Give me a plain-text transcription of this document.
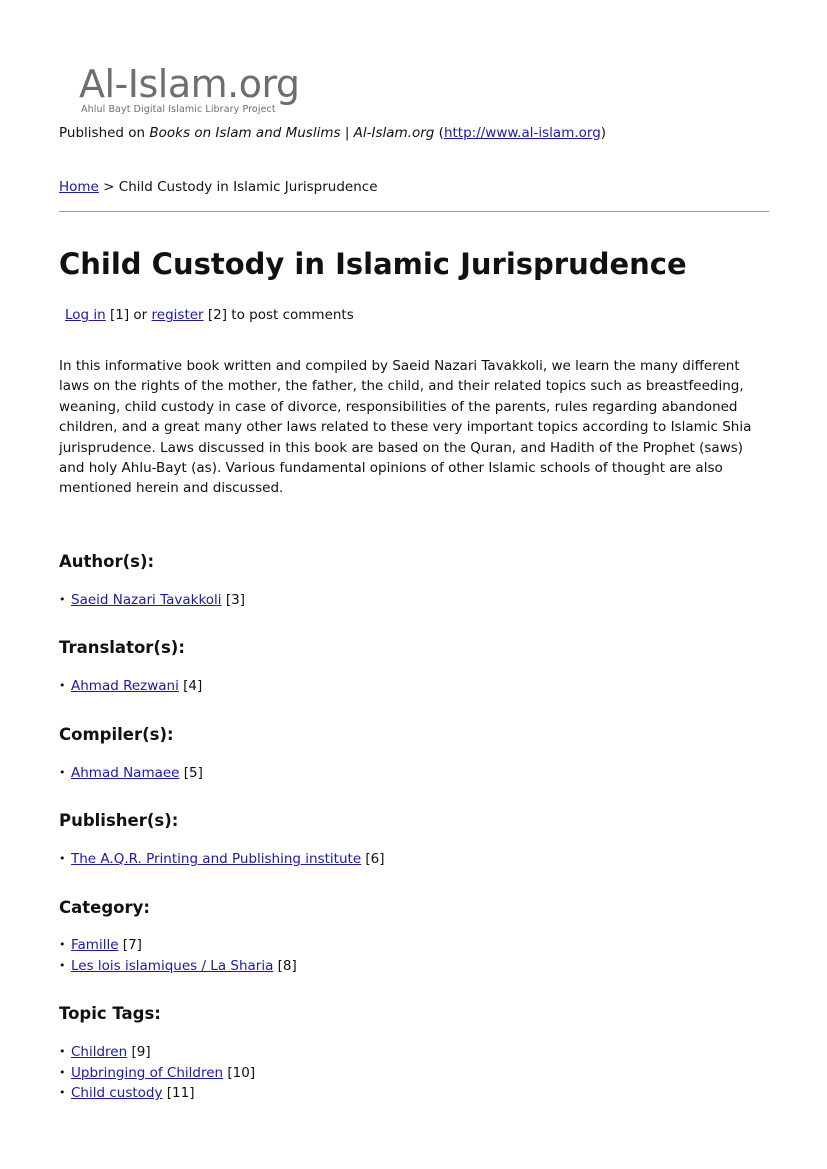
Al-Islam.org
Ahlul Bayt Digital Islamic Library Project
Published on Books on Islam and Muslims | Al-Islam.org (http://www.al-islam.org)
Home > Child Custody in Islamic Jurisprudence
Child Custody in Islamic Jurisprudence
Log in [1] or register [2] to post comments

In this informative book written and compiled by Saeid Nazari Tavakkoli, we learn the many different laws on the rights of the mother, the father, the child, and their related topics such as breastfeeding, weaning, child custody in case of divorce, responsibilities of the parents, rules regarding abandoned children, and a great many other laws related to these very important topics according to Islamic Shia jurisprudence. Laws discussed in this book are based on the Quran, and Hadith of the Prophet (saws) and holy Ahlu-Bayt (as). Various fundamental opinions of other Islamic schools of thought are also mentioned herein and discussed.

Author(s):
• Saeid Nazari Tavakkoli [3]
Translator(s):
• Ahmad Rezwani [4]
Compiler(s):
• Ahmad Namaee [5]
Publisher(s):
• The A.Q.R. Printing and Publishing institute [6]
Category:
• Famille [7]
• Les lois islamiques / La Sharia [8]
Topic Tags:
• Children [9]
• Upbringing of Children [10]
• Child custody [11]
